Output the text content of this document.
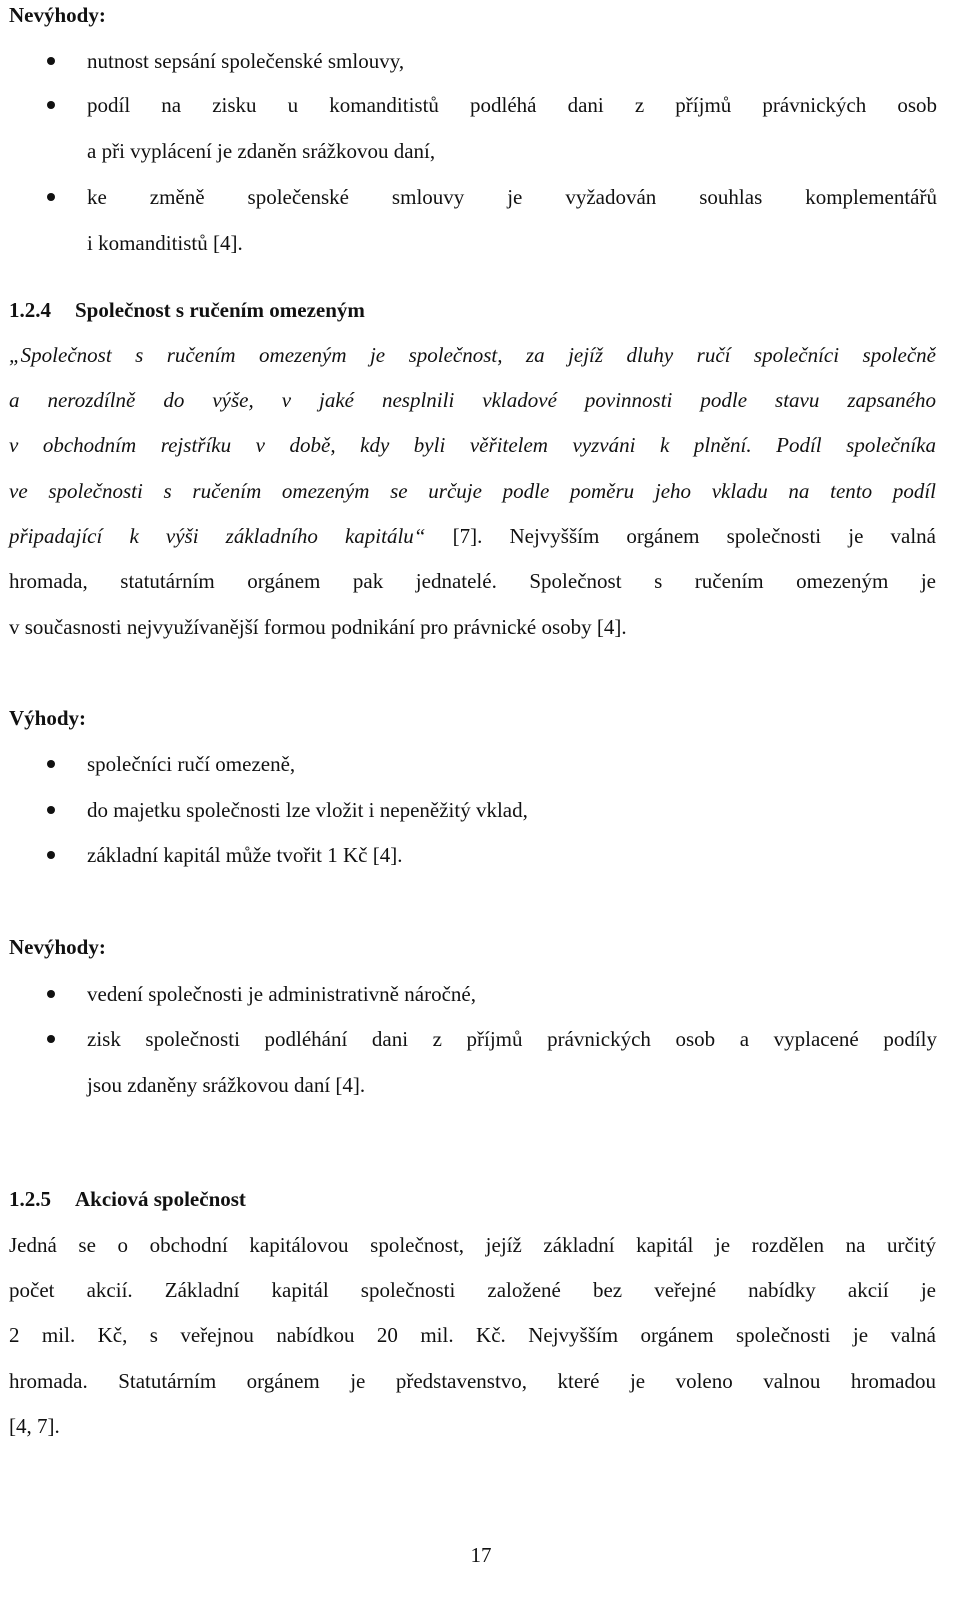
Nevýhody:
nutnost sepsání společenské smlouvy,
podíl na zisku u komanditistů podléhá dani z příjmů právnických osob
a při vyplácení je zdaněn srážkovou daní,
ke změně společenské smlouvy je vyžadován souhlas komplementářů
i komanditistů [4].
1.2.4 Společnost s ručením omezeným
„Společnost s ručením omezeným je společnost, za jejíž dluhy ručí společníci společně
a nerozdílně do výše, v jaké nesplnili vkladové povinnosti podle stavu zapsaného
v obchodním rejstříku v době, kdy byli věřitelem vyzváni k plnění. Podíl společníka
ve společnosti s ručením omezeným se určuje podle poměru jeho vkladu na tento podíl
připadající k výši základního kapitálu“ [7]. Nejvyšším orgánem společnosti je valná
hromada, statutárním orgánem pak jednatelé. Společnost s ručením omezeným je
v současnosti nejvyužívanější formou podnikání pro právnické osoby [4].
Výhody:
společníci ručí omezeně,
do majetku společnosti lze vložit i nepeněžitý vklad,
základní kapitál může tvořit 1 Kč [4].
Nevýhody:
vedení společnosti je administrativně náročné,
zisk společnosti podléhání dani z příjmů právnických osob a vyplacené podíly
jsou zdaněny srážkovou daní [4].
1.2.5 Akciová společnost
Jedná se o obchodní kapitálovou společnost, jejíž základní kapitál je rozdělen na určitý
počet akcií. Základní kapitál společnosti založené bez veřejné nabídky akcií je
2 mil. Kč, s veřejnou nabídkou 20 mil. Kč. Nejvyšším orgánem společnosti je valná
hromada. Statutárním orgánem je představenstvo, které je voleno valnou hromadou
[4, 7].
17
